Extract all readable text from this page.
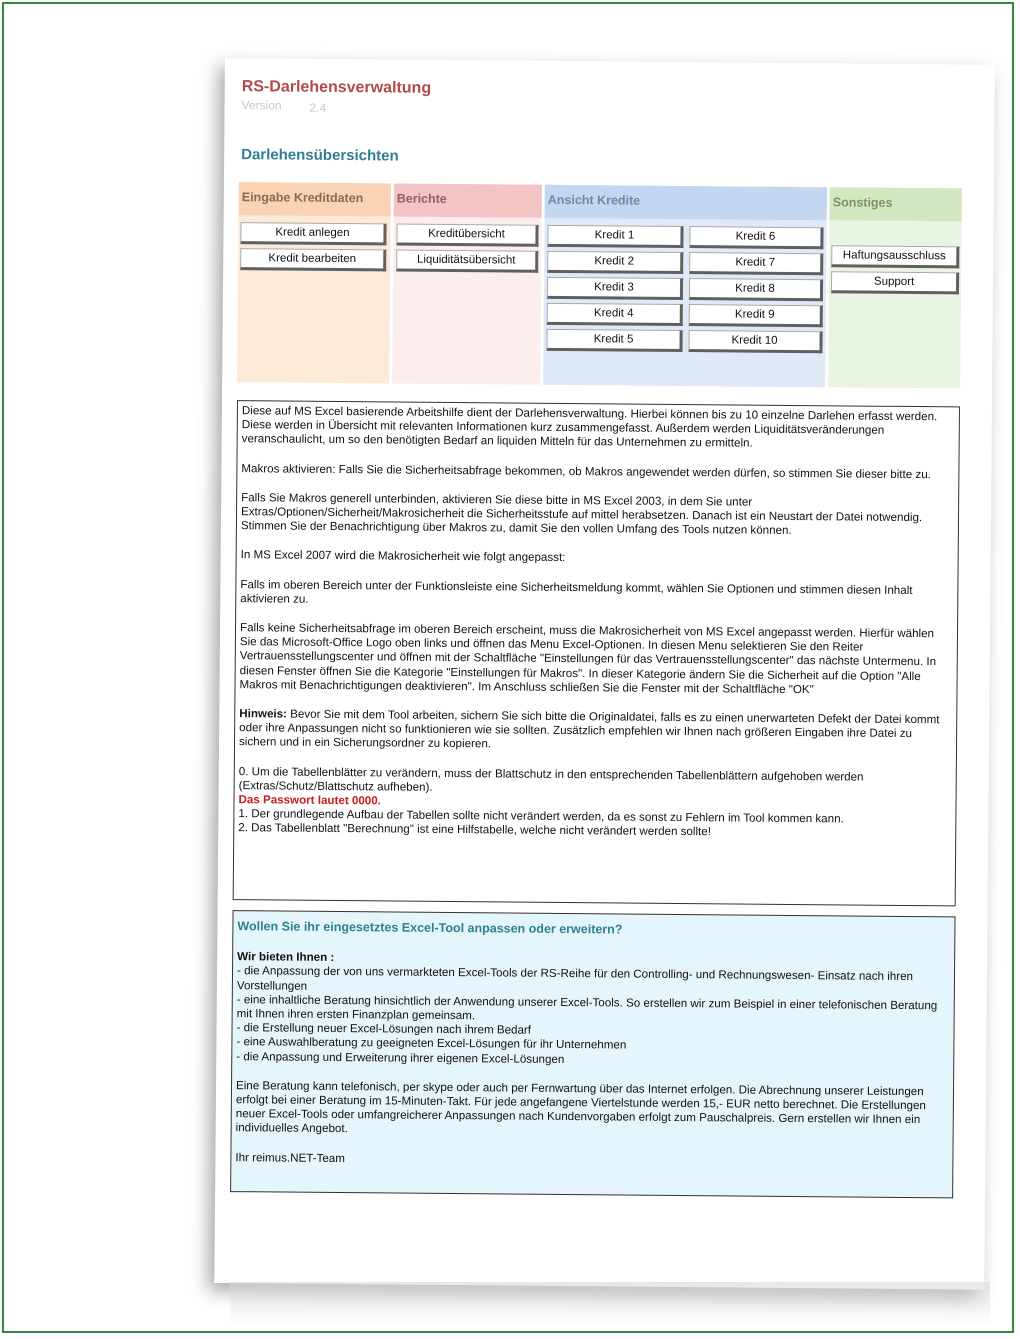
RS-Darlehensverwaltung
Version 2.4
Darlehensübersichten
Eingabe Kreditdaten
Kredit anlegen
Kredit bearbeiten
Berichte
Kreditübersicht
Liquiditätsübersicht
Ansicht Kredite
Kredit 1
Kredit 2
Kredit 3
Kredit 4
Kredit 5
Kredit 6
Kredit 7
Kredit 8
Kredit 9
Kredit 10
Sonstiges
Haftungsausschluss
Support

Diese auf MS Excel basierende Arbeitshilfe dient der Darlehensverwaltung. Hierbei können bis zu 10 einzelne Darlehen erfasst werden. Diese werden in Übersicht mit relevanten Informationen kurz zusammengefasst. Außerdem werden Liquiditätsveränderungen veranschaulicht, um so den benötigten Bedarf an liquiden Mitteln für das Unternehmen zu ermitteln.

Makros aktivieren: Falls Sie die Sicherheitsabfrage bekommen, ob Makros angewendet werden dürfen, so stimmen Sie dieser bitte zu.

Falls Sie Makros generell unterbinden, aktivieren Sie diese bitte in MS Excel 2003, in dem Sie unter Extras/Optionen/Sicherheit/Makrosicherheit die Sicherheitsstufe auf mittel herabsetzen. Danach ist ein Neustart der Datei notwendig. Stimmen Sie der Benachrichtigung über Makros zu, damit Sie den vollen Umfang des Tools nutzen können.

In MS Excel 2007 wird die Makrosicherheit wie folgt angepasst:

Falls im oberen Bereich unter der Funktionsleiste eine Sicherheitsmeldung kommt, wählen Sie Optionen und stimmen diesen Inhalt aktivieren zu.

Falls keine Sicherheitsabfrage im oberen Bereich erscheint, muss die Makrosicherheit von MS Excel angepasst werden. Hierfür wählen Sie das Microsoft-Office Logo oben links und öffnen das Menu Excel-Optionen. In diesen Menu selektieren Sie den Reiter Vertrauensstellungscenter und öffnen mit der Schaltfläche "Einstellungen für das Vertrauensstellungscenter" das nächste Untermenu. In diesen Fenster öffnen Sie die Kategorie "Einstellungen für Makros". In dieser Kategorie ändern Sie die Sicherheit auf die Option "Alle Makros mit Benachrichtigungen deaktivieren". Im Anschluss schließen Sie die Fenster mit der Schaltfläche "OK"

Hinweis: Bevor Sie mit dem Tool arbeiten, sichern Sie sich bitte die Originaldatei, falls es zu einen unerwarteten Defekt der Datei kommt oder ihre Anpassungen nicht so funktionieren wie sie sollten. Zusätzlich empfehlen wir Ihnen nach größeren Eingaben ihre Datei zu sichern und in ein Sicherungsordner zu kopieren.

0. Um die Tabellenblätter zu verändern, muss der Blattschutz in den entsprechenden Tabellenblättern aufgehoben werden (Extras/Schutz/Blattschutz aufheben).
Das Passwort lautet 0000.
1. Der grundlegende Aufbau der Tabellen sollte nicht verändert werden, da es sonst zu Fehlern im Tool kommen kann.
2. Das Tabellenblatt "Berechnung" ist eine Hilfstabelle, welche nicht verändert werden sollte!
Wollen Sie ihr eingesetztes Excel-Tool anpassen oder erweitern?

Wir bieten Ihnen :

- die Anpassung der von uns vermarkteten Excel-Tools der RS-Reihe für den Controlling- und Rechnungswesen- Einsatz nach ihren Vorstellungen

- eine inhaltliche Beratung hinsichtlich der Anwendung unserer Excel-Tools. So erstellen wir zum Beispiel in einer telefonischen Beratung mit Ihnen ihren ersten Finanzplan gemeinsam.

- die Erstellung neuer Excel-Lösungen nach ihrem Bedarf

- eine Auswahlberatung zu geeigneten Excel-Lösungen für ihr Unternehmen

- die Anpassung und Erweiterung ihrer eigenen Excel-Lösungen

Eine Beratung kann telefonisch, per skype oder auch per Fernwartung über das Internet erfolgen. Die Abrechnung unserer Leistungen erfolgt bei einer Beratung im 15-Minuten-Takt. Für jede angefangene Viertelstunde werden 15,- EUR netto berechnet. Die Erstellungen neuer Excel-Tools oder umfangreicherer Anpassungen nach Kundenvorgaben erfolgt zum Pauschalpreis. Gern erstellen wir Ihnen ein individuelles Angebot.

Ihr reimus.NET-Team
